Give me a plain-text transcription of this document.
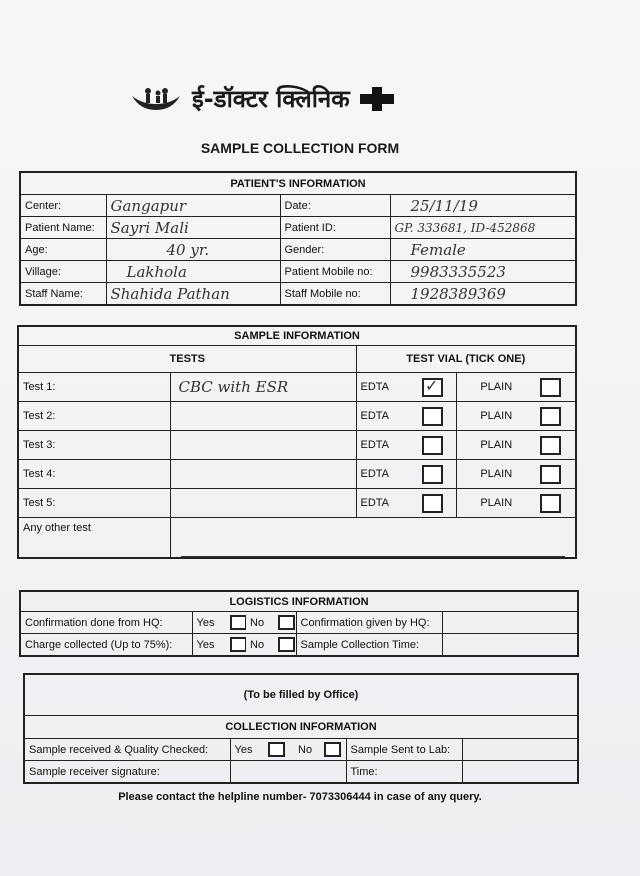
ई-डॉक्टर क्लिनिक
SAMPLE COLLECTION FORM
PATIENT'S INFORMATION			
Center:	Gangapur	Date:	25/11/19
Patient Name:	Sayri Mali	Patient ID:	GP. 333681, ID-452868
Age:	40 yr.	Gender:	Female
Village:	Lakhola	Patient Mobile no:	9983335523
Staff Name:	Shahida Pathan	Staff Mobile no:	1928389369
SAMPLE INFORMATION					
TESTS		TEST VIAL (TICK ONE)			
Test 1:	CBC with ESR	EDTA	✓	PLAIN	
Test 2:		EDTA		PLAIN	
Test 3:		EDTA		PLAIN	
Test 4:		EDTA		PLAIN	
Test 5:		EDTA		PLAIN	
Any other test					
LOGISTICS INFORMATION						
Confirmation done from HQ:	Yes		No		Confirmation given by HQ:	
Charge collected (Up to 75%):	Yes		No		Sample Collection Time:	
(To be filled by Office)						
COLLECTION INFORMATION						
Sample received & Quality Checked:	Yes		No		Sample Sent to Lab:	
Sample receiver signature:					Time:	
Please contact the helpline number- 7073306444 in case of any query.
